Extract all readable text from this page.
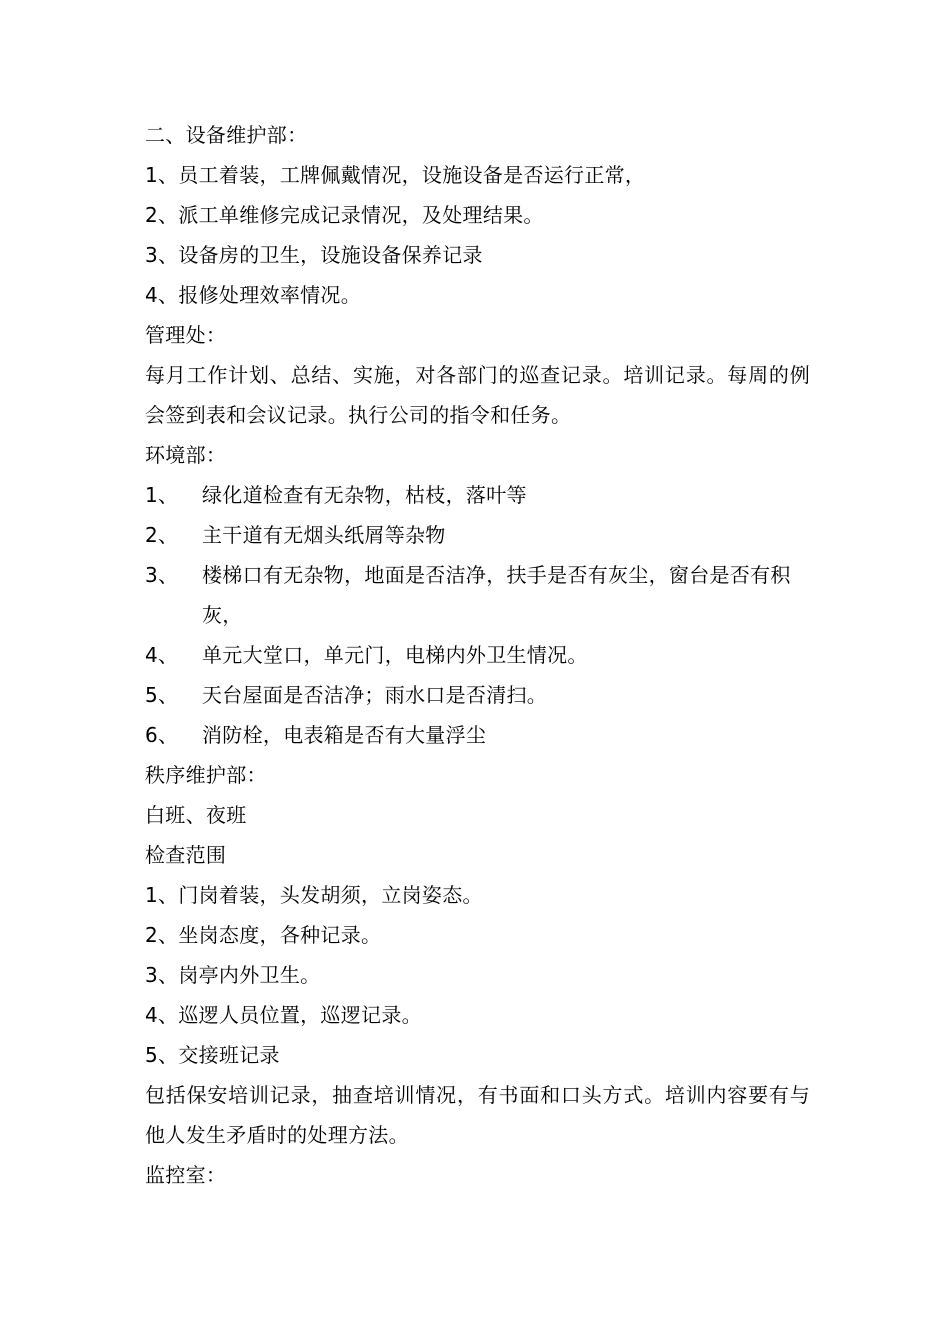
二、设备维护部：
1、员工着装，工牌佩戴情况，设施设备是否运行正常，
2、派工单维修完成记录情况，及处理结果。
3、设备房的卫生，设施设备保养记录
4、报修处理效率情况。
管理处：
每月工作计划、总结、实施，对各部门的巡查记录。培训记录。每周的例会签到表和会议记录。执行公司的指令和任务。
环境部：
1、	绿化道检查有无杂物，枯枝，落叶等
2、	主干道有无烟头纸屑等杂物
3、	楼梯口有无杂物，地面是否洁净，扶手是否有灰尘，窗台是否有积灰，
4、	单元大堂口，单元门，电梯内外卫生情况。
5、	天台屋面是否洁净；雨水口是否清扫。
6、	消防栓，电表箱是否有大量浮尘
秩序维护部：
白班、夜班
检查范围
1、门岗着装，头发胡须，立岗姿态。
2、坐岗态度，各种记录。
3、岗亭内外卫生。
4、巡逻人员位置，巡逻记录。
5、交接班记录
包括保安培训记录，抽查培训情况，有书面和口头方式。培训内容要有与他人发生矛盾时的处理方法。
监控室：
